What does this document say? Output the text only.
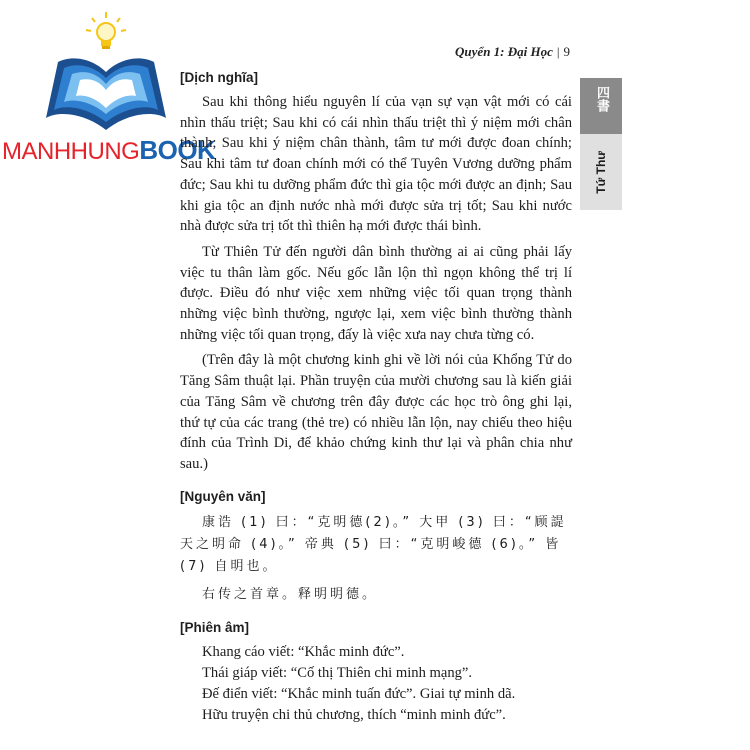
MANHHUNGBOOK
Quyển 1: Đại Học | 9
四書
Tứ Thư

[Dịch nghĩa]

Sau khi thông hiểu nguyên lí của vạn sự vạn vật mới có cái nhìn thấu triệt; Sau khi có cái nhìn thấu triệt thì ý niệm mới chân thành; Sau khi ý niệm chân thành, tâm tư mới được đoan chính; Sau khi tâm tư đoan chính mới có thể Tuyên Vương dưỡng phẩm đức; Sau khi tu dưỡng phẩm đức thì gia tộc mới được an định; Sau khi gia tộc an định nước nhà mới được sửa trị tốt; Sau khi nước nhà được sửa trị tốt thì thiên hạ mới được thái bình.

Từ Thiên Tử đến người dân bình thường ai ai cũng phải lấy việc tu thân làm gốc. Nếu gốc lẫn lộn thì ngọn không thể trị lí được. Điều đó như việc xem những việc tối quan trọng thành những việc bình thường, ngược lại, xem việc bình thường thành những việc tối quan trọng, đấy là việc xưa nay chưa từng có.

(Trên đây là một chương kinh ghi về lời nói của Khổng Tử do Tăng Sâm thuật lại. Phần truyện của mười chương sau là kiến giải của Tăng Sâm về chương trên đây được các học trò ông ghi lại, thứ tự của các trang (thẻ tre) có nhiều lẫn lộn, nay chiếu theo hiệu đính của Trình Di, để khảo chứng kinh thư lại và phân chia như sau.)

[Nguyên văn]

康诰 (1) 曰：“克明德(2)。” 大甲 (3) 曰：“顾諟天之明命 (4)。” 帝典 (5) 曰：“克明峻德 (6)。” 皆 (7) 自明也。

右传之首章。释明明德。

[Phiên âm]

Khang cáo viết: “Khắc minh đức”.

Thái giáp viết: “Cố thị Thiên chi minh mạng”.

Đế điển viết: “Khắc minh tuấn đức”. Giai tự minh dã.

Hữu truyện chi thủ chương, thích “minh minh đức”.
